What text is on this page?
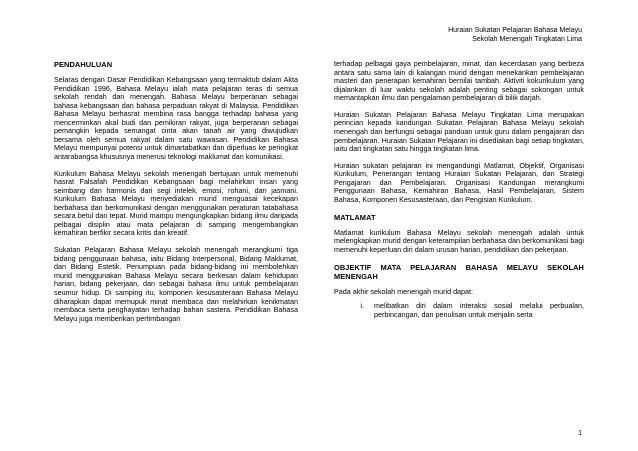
Huraian Sukatan Pelajaran Bahasa Melayu
Sekolah Menengah Tingkatan Lima
PENDAHULUAN

Selaras dengan Dasar Pendidikan Kebangsaan yang termaktub dalam Akta Pendidikan 1996, Bahasa Melayu ialah mata pelajaran teras di semua sekolah rendah dan menengah. Bahasa Melayu berperanan sebagai bahasa kebangsaan dan bahasa perpaduan rakyat di Malaysia. Pendidikan Bahasa Melayu berhasrat membina rasa bangga terhadap bahasa yang mencerminkan akal budi dan pemikiran rakyat, juga berperanan sebagai pemangkin kepada semangat cinta akan tanah air yang diwujudkan bersama oleh semua rakyat dalam satu wawasan. Pendidikan Bahasa Melayu mempunyai potensi untuk dimartabatkan dan diperluas ke peringkat antarabangsa khususnya menerusi teknologi maklumat dan komunikasi.

Kurikulum Bahasa Melayu sekolah menengah bertujuan untuk memenuhi hasrat Falsafah Pendidikan Kebangsaan bagi melahirkan insan yang seimbang dan harmonis dari segi intelek, emosi, rohani, dan jasmani. Kurikulum Bahasa Melayu menyediakan murid menguasai kecekapan berbahasa dan berkomunikasi dengan menggunakan peraturan tatabahasa secara betul dan tepat. Murid mampu mengungkapkan bidang ilmu daripada pelbagai disiplin atau mata pelajaran di samping mengembangkan kemahiran berfikir secara kritis dan kreatif.

Sukatan Pelajaran Bahasa Melayu sekolah menengah merangkumi tiga bidang penggunaan bahasa, iaitu Bidang Interpersonal, Bidang Maklumat, dan Bidang Estetik. Penumpuan pada bidang-bidang ini membolehkan murid menggunakan Bahasa Melayu secara berkesan dalam kehidupan harian, bidang pekerjaan, dan sebagai bahasa ilmu untuk pembelajaran seumur hidup. Di samping itu, komponen kesusasteraan Bahasa Melayu diharapkan dapat memupuk minat membaca dan melahirkan kenikmatan membaca serta penghayatan terhadap bahan sastera. Pendidikan Bahasa Melayu juga memberikan pertimbangan

terhadap pelbagai gaya pembelajaran, minat, dan kecerdasan yang berbeza antara satu sama lain di kalangan murid dengan menekankan pembelajaran masteri dan penerapan kemahiran bernilai tambah. Aktiviti kokurikulum yang dijalankan di luar waktu sekolah adalah penting sebagai sokongan untuk memantapkan ilmu dan pengalaman pembelajaran di bilik darjah.

Huraian Sukatan Pelajaran Bahasa Melayu Tingkatan Lima merupakan perincian kepada kandungan Sukatan Pelajaran Bahasa Melayu sekolah menengah dan berfungsi sebagai panduan untuk guru dalam pengajaran dan pembelajaran. Huraian Sukatan Pelajaran ini disediakan bagi setiap tingkatan, iaitu dari tingkatan satu hingga tingkatan lima.

Huraian sukatan pelajaran ini mengandungi Matlamat, Objektif, Organisasi Kurikulum, Penerangan tentang Huraian Sukatan Pelajaran, dan Strategi Pengajaran dan Pembelajaran. Organisasi Kandungan merangkumi Penggunaan Bahasa, Kemahiran Bahasa, Hasil Pembelajaran, Sistem Bahasa, Komponen Kesusasteraan, dan Pengisian Kurikulum.

MATLAMAT

Matlamat kurikulum Bahasa Melayu sekolah menengah adalah untuk melengkapkan murid dengan keterampilan berbahasa dan berkomunikasi bagi memenuhi keperluan diri dalam urusan harian, pendidikan dan pekerjaan.

OBJEKTIF MATA PELAJARAN BAHASA MELAYU SEKOLAH MENENGAH

Pada akhir sekolah menengah murid dapat:

i.	melibatkan diri dalam interaksi sosial melalui perbualan, perbincangan, dan penulisan untuk menjalin serta
1
